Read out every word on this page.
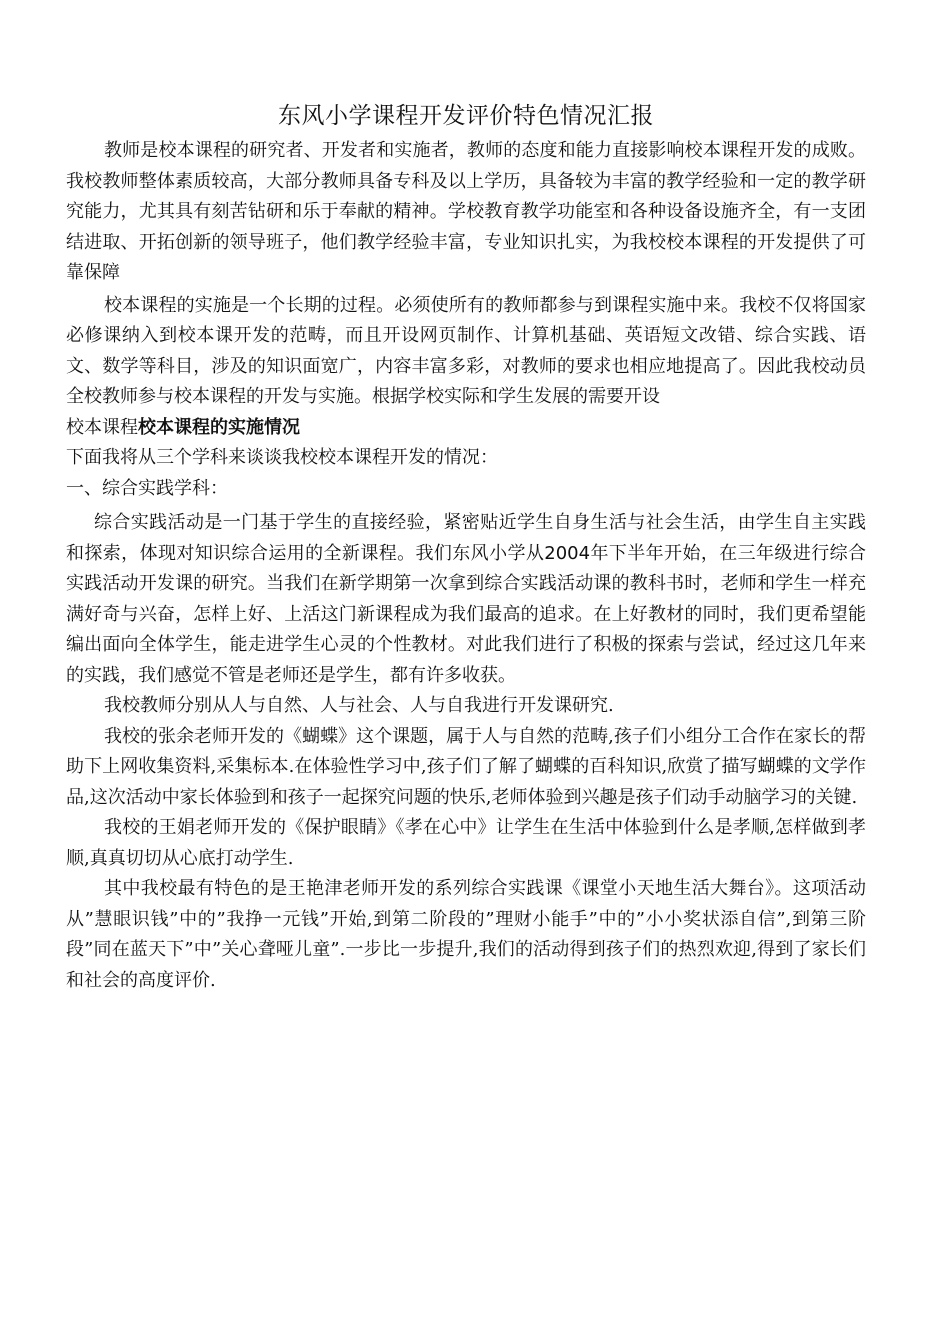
东风小学课程开发评价特色情况汇报

教师是校本课程的研究者、开发者和实施者，教师的态度和能力直接影响校本课程开发的成败。我校教师整体素质较高，大部分教师具备专科及以上学历，具备较为丰富的教学经验和一定的教学研究能力，尤其具有刻苦钻研和乐于奉献的精神。学校教育教学功能室和各种设备设施齐全，有一支团结进取、开拓创新的领导班子，他们教学经验丰富，专业知识扎实，为我校校本课程的开发提供了可靠保障

校本课程的实施是一个长期的过程。必须使所有的教师都参与到课程实施中来。我校不仅将国家必修课纳入到校本课开发的范畴，而且开设网页制作、计算机基础、英语短文改错、综合实践、语文、数学等科目，涉及的知识面宽广，内容丰富多彩，对教师的要求也相应地提高了。因此我校动员全校教师参与校本课程的开发与实施。根据学校实际和学生发展的需要开设

校本课程校本课程的实施情况

下面我将从三个学科来谈谈我校校本课程开发的情况：

一、综合实践学科：

综合实践活动是一门基于学生的直接经验，紧密贴近学生自身生活与社会生活，由学生自主实践和探索，体现对知识综合运用的全新课程。我们东风小学从2004年下半年开始，在三年级进行综合实践活动开发课的研究。当我们在新学期第一次拿到综合实践活动课的教科书时，老师和学生一样充满好奇与兴奋，怎样上好、上活这门新课程成为我们最高的追求。在上好教材的同时，我们更希望能编出面向全体学生，能走进学生心灵的个性教材。对此我们进行了积极的探索与尝试，经过这几年来的实践，我们感觉不管是老师还是学生，都有许多收获。

我校教师分别从人与自然、人与社会、人与自我进行开发课研究.

我校的张余老师开发的《蝴蝶》这个课题，属于人与自然的范畴,孩子们小组分工合作在家长的帮助下上网收集资料,采集标本.在体验性学习中,孩子们了解了蝴蝶的百科知识,欣赏了描写蝴蝶的文学作品,这次活动中家长体验到和孩子一起探究问题的快乐,老师体验到兴趣是孩子们动手动脑学习的关键.

我校的王娟老师开发的《保护眼睛》《孝在心中》让学生在生活中体验到什么是孝顺,怎样做到孝顺,真真切切从心底打动学生.

其中我校最有特色的是王艳津老师开发的系列综合实践课《课堂小天地生活大舞台》。这项活动从”慧眼识钱”中的”我挣一元钱”开始,到第二阶段的”理财小能手”中的”小小奖状添自信”,到第三阶段”同在蓝天下”中”关心聋哑儿童”.一步比一步提升,我们的活动得到孩子们的热烈欢迎,得到了家长们和社会的高度评价.
